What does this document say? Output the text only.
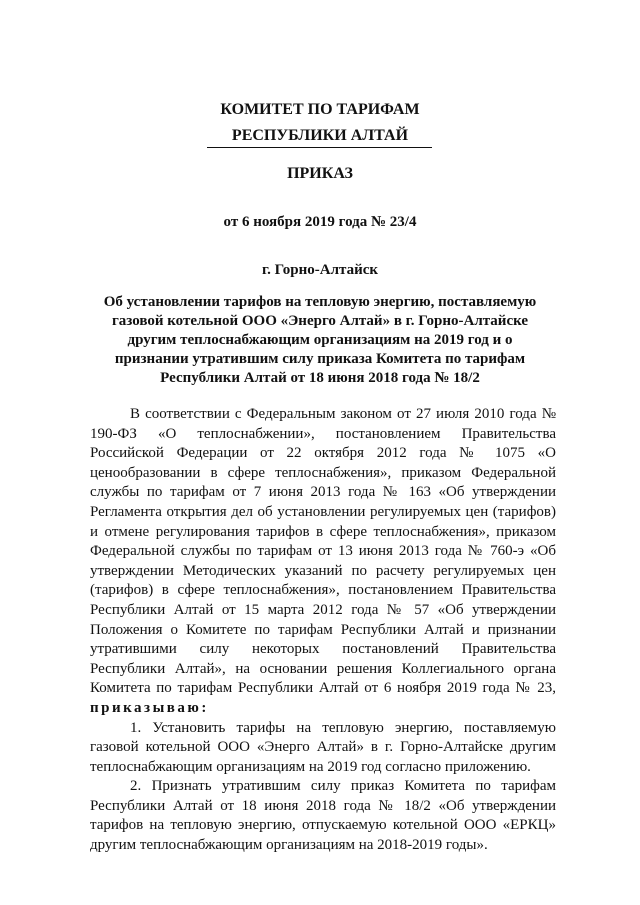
КОМИТЕТ ПО ТАРИФАМ
РЕСПУБЛИКИ АЛТАЙ
ПРИКАЗ
от 6 ноября 2019 года № 23/4
г. Горно-Алтайск
Об установлении тарифов на тепловую энергию, поставляемую газовой котельной ООО «Энерго Алтай» в г. Горно-Алтайске другим теплоснабжающим организациям на 2019 год и о признании утратившим силу приказа Комитета по тарифам Республики Алтай от 18 июня 2018 года № 18/2

В соответствии с Федеральным законом от 27 июля 2010 года № 190-ФЗ «О теплоснабжении», постановлением Правительства Российской Федерации от 22 октября 2012 года № 1075 «О ценообразовании в сфере теплоснабжения», приказом Федеральной службы по тарифам от 7 июня 2013 года № 163 «Об утверждении Регламента открытия дел об установлении регулируемых цен (тарифов) и отмене регулирования тарифов в сфере теплоснабжения», приказом Федеральной службы по тарифам от 13 июня 2013 года № 760-э «Об утверждении Методических указаний по расчету регулируемых цен (тарифов) в сфере теплоснабжения», постановлением Правительства Республики Алтай от 15 марта 2012 года № 57 «Об утверждении Положения о Комитете по тарифам Республики Алтай и признании утратившими силу некоторых постановлений Правительства Республики Алтай», на основании решения Коллегиального органа Комитета по тарифам Республики Алтай от 6 ноября 2019 года № 23, приказываю:

1. Установить тарифы на тепловую энергию, поставляемую газовой котельной ООО «Энерго Алтай» в г. Горно-Алтайске другим теплоснабжающим организациям на 2019 год согласно приложению.

2. Признать утратившим силу приказ Комитета по тарифам Республики Алтай от 18 июня 2018 года № 18/2 «Об утверждении тарифов на тепловую энергию, отпускаемую котельной ООО «ЕРКЦ» другим теплоснабжающим организациям на 2018-2019 годы».
